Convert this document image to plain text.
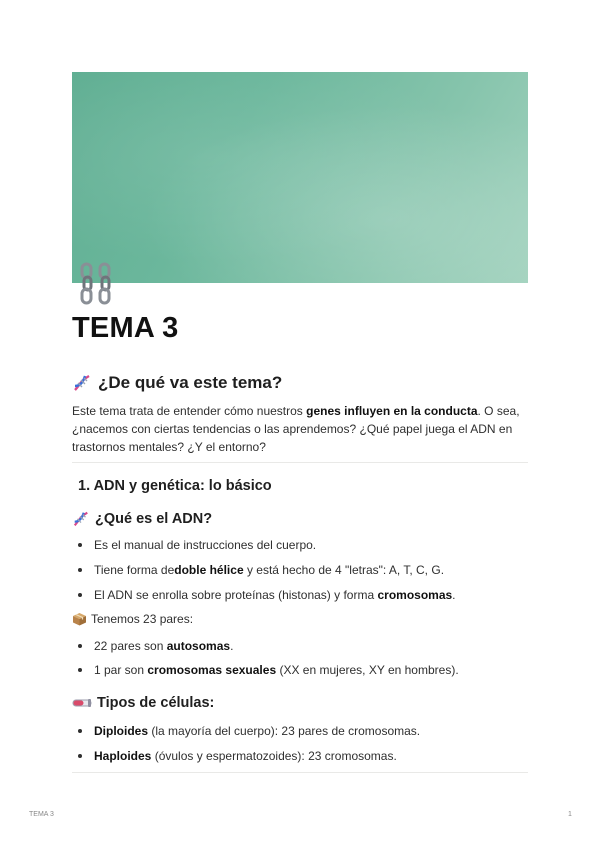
TEMA 3
¿De qué va este tema?

Este tema trata de entender cómo nuestros genes influyen en la conducta. O sea, ¿nacemos con ciertas tendencias o las aprendemos? ¿Qué papel juega el ADN en trastornos mentales? ¿Y el entorno?

1. ADN y genética: lo básico
¿Qué es el ADN?

Es el manual de instrucciones del cuerpo.

Tiene forma de doble hélice y está hecho de 4 "letras": A, T, C, G.

El ADN se enrolla sobre proteínas (histonas) y forma cromosomas .

Tenemos 23 pares:

22 pares son autosomas .

1 par son cromosomas sexuales (XX en mujeres, XY en hombres).

Tipos de células:

Diploides (la mayoría del cuerpo): 23 pares de cromosomas.

Haploides (óvulos y espermatozoides): 23 cromosomas.

TEMA 3	1
